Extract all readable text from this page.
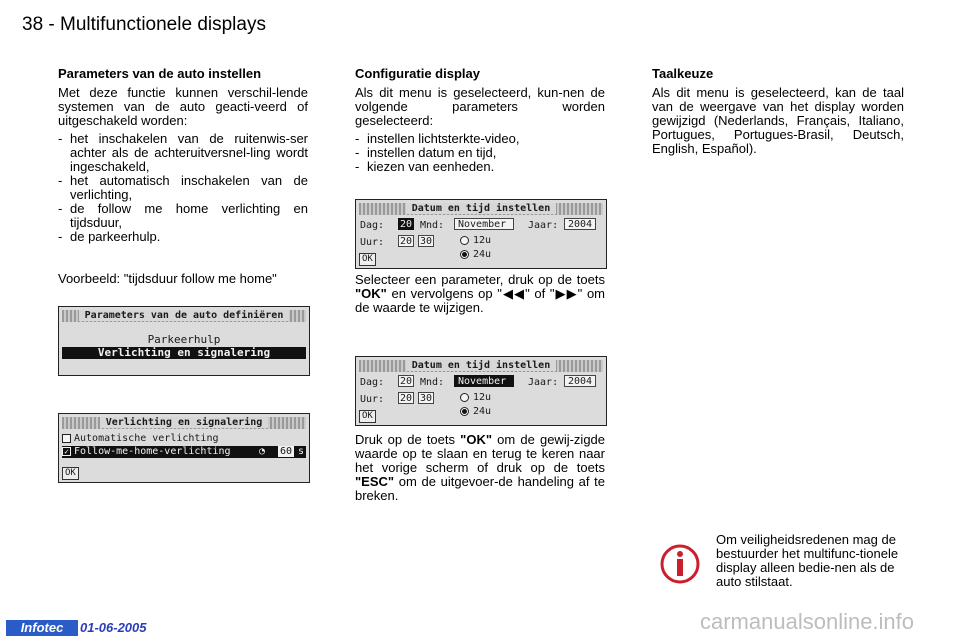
38 - Multifunctionele displays
Parameters van de auto instellen

Met deze functie kunnen verschil-lende systemen van de auto geacti-veerd of uitgeschakeld worden:

- het inschakelen van de ruitenwis-ser achter als de achteruitversnel-ling wordt ingeschakeld,
- het automatisch inschakelen van de verlichting,
- de follow me home verlichting en tijdsduur,
- de parkeerhulp.

Voorbeeld: "tijdsduur follow me home"

Parameters van de auto definiëren
Parkeerhulp
Verlichting en signalering
Verlichting en signalering
Automatische verlichting
✓ Follow-me-home-verlichting	◔ 60 s
OK
Configuratie display

Als dit menu is geselecteerd, kun-nen de volgende parameters worden geselecteerd:

- instellen lichtsterkte-video,
- instellen datum en tijd,
- kiezen van eenheden.
Datum en tijd instellen
Dag: 20 Mnd:	November	Jaar: 2004
Uur: 20 30	12u
24u
OK

Selecteer een parameter, druk op de toets "OK" en vervolgens op "◀◀" of "▶▶" om de waarde te wijzigen.

Datum en tijd instellen
Dag: 20 Mnd:	November	Jaar: 2004
Uur: 20 30	12u
24u
OK

Druk op de toets "OK" om de gewij-zigde waarde op te slaan en terug te keren naar het vorige scherm of druk op de toets "ESC" om de uitgevoer-de handeling af te breken.

Taalkeuze

Als dit menu is geselecteerd, kan de taal van de weergave van het display worden gewijzigd (Nederlands, Français, Italiano, Portugues, Portugues-Brasil, Deutsch, English, Español).

Om veiligheidsredenen mag de bestuurder het multifunc-tionele display alleen bedie-nen als de auto stilstaat.
Infotec	01-06-2005	carmanualsonline.info
